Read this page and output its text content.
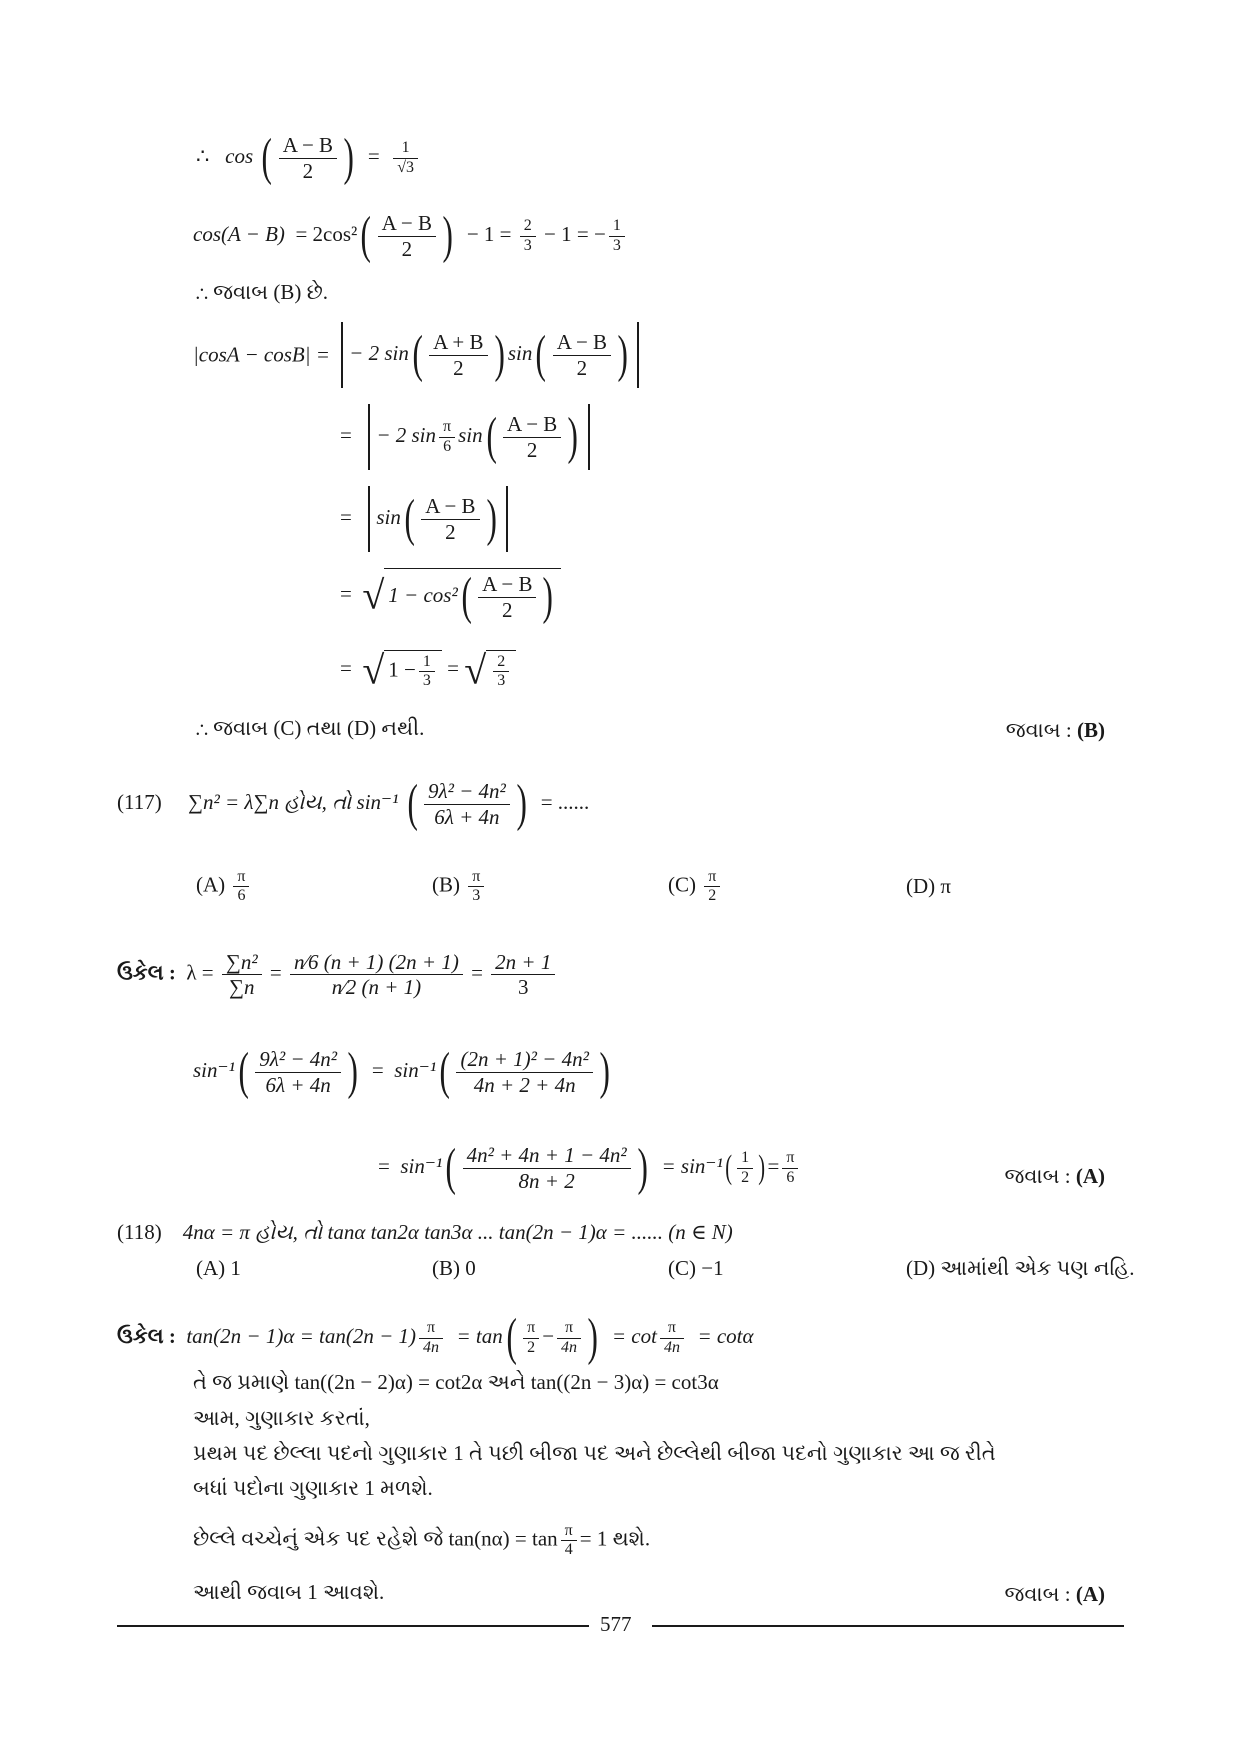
∴ cos ( $\frac{A - B}{2}$ ) = $\frac{1}{√3}$
$\cos(A - B) = 2\cos^2( \frac{A - B}{2}$ ) − $1 = \frac{2}{3} - 1$ = − $\frac{1}{3}$
∴ જવાબ (B) છે.
|cosA − cosB| = − 2 $\sin( \frac{A + B}{2}$ ) $\sin( \frac{A - B}{2}$ )
= − 2 $\sin \frac{\pi}{6} \sin( \frac{A - B}{2}$ )
= $\sin( \frac{A - B}{2}$ )
= √ $1 - \cos^2( \frac{A - B}{2}$ )
= √ $1 - \frac{1}{3}$ = √ $\frac{2}{3}$
∴ જવાબ (C) તથા (D) નથી.	જવાબ : (B)
(117) ∑n² = λ∑n હોય, તો sin⁻¹ ( $\frac{\text{9λ² − 4n²}}{6\lambda + 4n}$ ) = ......
$(A) \frac{\pi}{6}$	$(B) \frac{\pi}{3}$	$(C) \frac{\pi}{2}$	(D) π
ઉકેલ : $\lambda = \frac{\text{∑n²}}{\sum n} = \frac{n⁄6 (n + 1) (2n + 1)}{n⁄2 (n + 1)} = \frac{2n + 1}{3}$
$\sin^{-1}( \frac{\text{9λ² − 4n²}}{6\lambda + 4n}$ ) = $\sin^{-1}( \frac{\text{(2n + 1)² − 4n²}}{4n + 2 + 4n}$ )
= $\sin^{-1}( \frac{\text{4n² + 4n + 1 − 4n²}}{8n + 2}$ ) = $\sin^{-1}( \frac{1}{2}$ ) = $\frac{\pi}{6}$	જવાબ : (A)
(118) 4nα = π હોય, તો tanα tan2α tan3α ... tan(2n − 1)α = ...... (n ∈ N)
(A) 1	(B) 0	(C) −1	(D) આમાંથી એક પણ નહિ.
ઉકેલ : $\tan(2n - 1)\alpha = \tan(2n - 1) \frac{\pi}{4n} = \tan( \frac{\pi}{2} - \frac{\pi}{4n}$ ) = $\cot \frac{\pi}{4n} = \cot\alpha$
તે જ પ્રમાણે tan((2n − 2)α) = cot2α અને tan((2n − 3)α) = cot3α
આમ, ગુણાકાર કરતાં,
પ્રથમ પદ છેલ્લા પદનો ગુણાકાર 1 તે પછી બીજા પદ અને છેલ્લેથી બીજા પદનો ગુણાકાર આ જ રીતે
બધાં પદોના ગુણાકાર 1 મળશે.
છેલ્લે વચ્ચેનું એક પદ રહેશે જે $\tan(n\alpha) = \tan \frac{\pi}{4} = 1$ થશે.
આથી જવાબ 1 આવશે.	જવાબ : (A)
577
